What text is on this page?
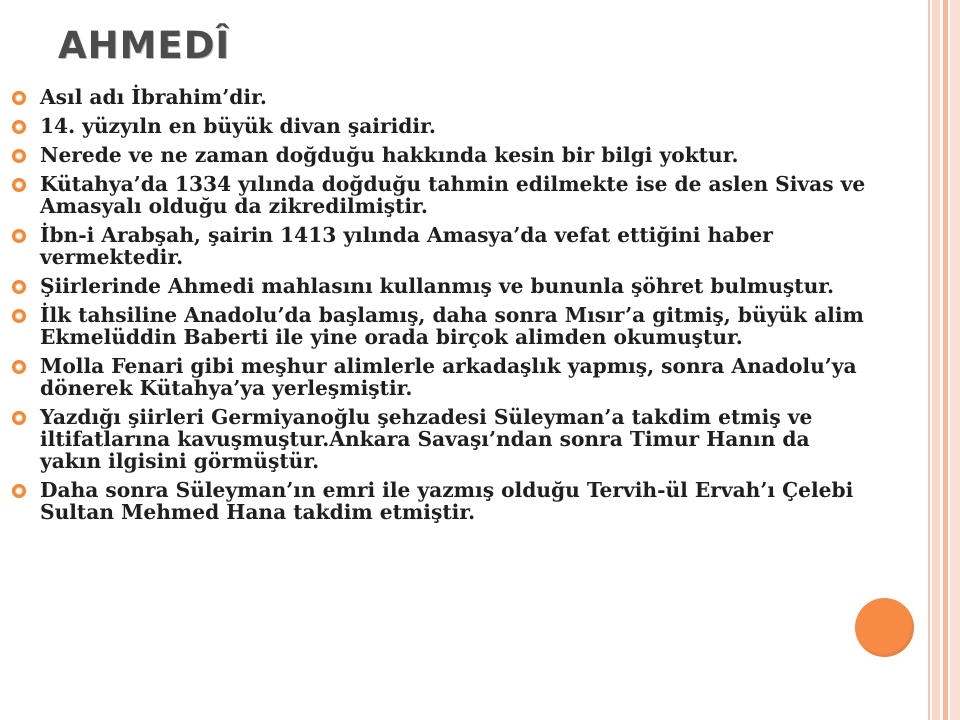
AHMEDÎ
Asıl adı İbrahim’dir.
14. yüzyıln en büyük divan şairidir.
Nerede ve ne zaman doğduğu hakkında kesin bir bilgi yoktur.
Kütahya’da 1334 yılında doğduğu tahmin edilmekte ise de aslen Sivas ve
Amasyalı olduğu da zikredilmiştir.
İbn-i Arabşah, şairin 1413 yılında Amasya’da vefat ettiğini haber
vermektedir.
Şiirlerinde Ahmedi mahlasını kullanmış ve bununla şöhret bulmuştur.
İlk tahsiline Anadolu’da başlamış, daha sonra Mısır’a gitmiş, büyük alim
Ekmelüddin Baberti ile yine orada birçok alimden okumuştur.
Molla Fenari gibi meşhur alimlerle arkadaşlık yapmış, sonra Anadolu’ya
dönerek Kütahya’ya yerleşmiştir.
Yazdığı şiirleri Germiyanoğlu şehzadesi Süleyman’a takdim etmiş ve
iltifatlarına kavuşmuştur.Ankara Savaşı’ndan sonra Timur Hanın da
yakın ilgisini görmüştür.
Daha sonra Süleyman’ın emri ile yazmış olduğu Tervih-ül Ervah’ı Çelebi
Sultan Mehmed Hana takdim etmiştir.
